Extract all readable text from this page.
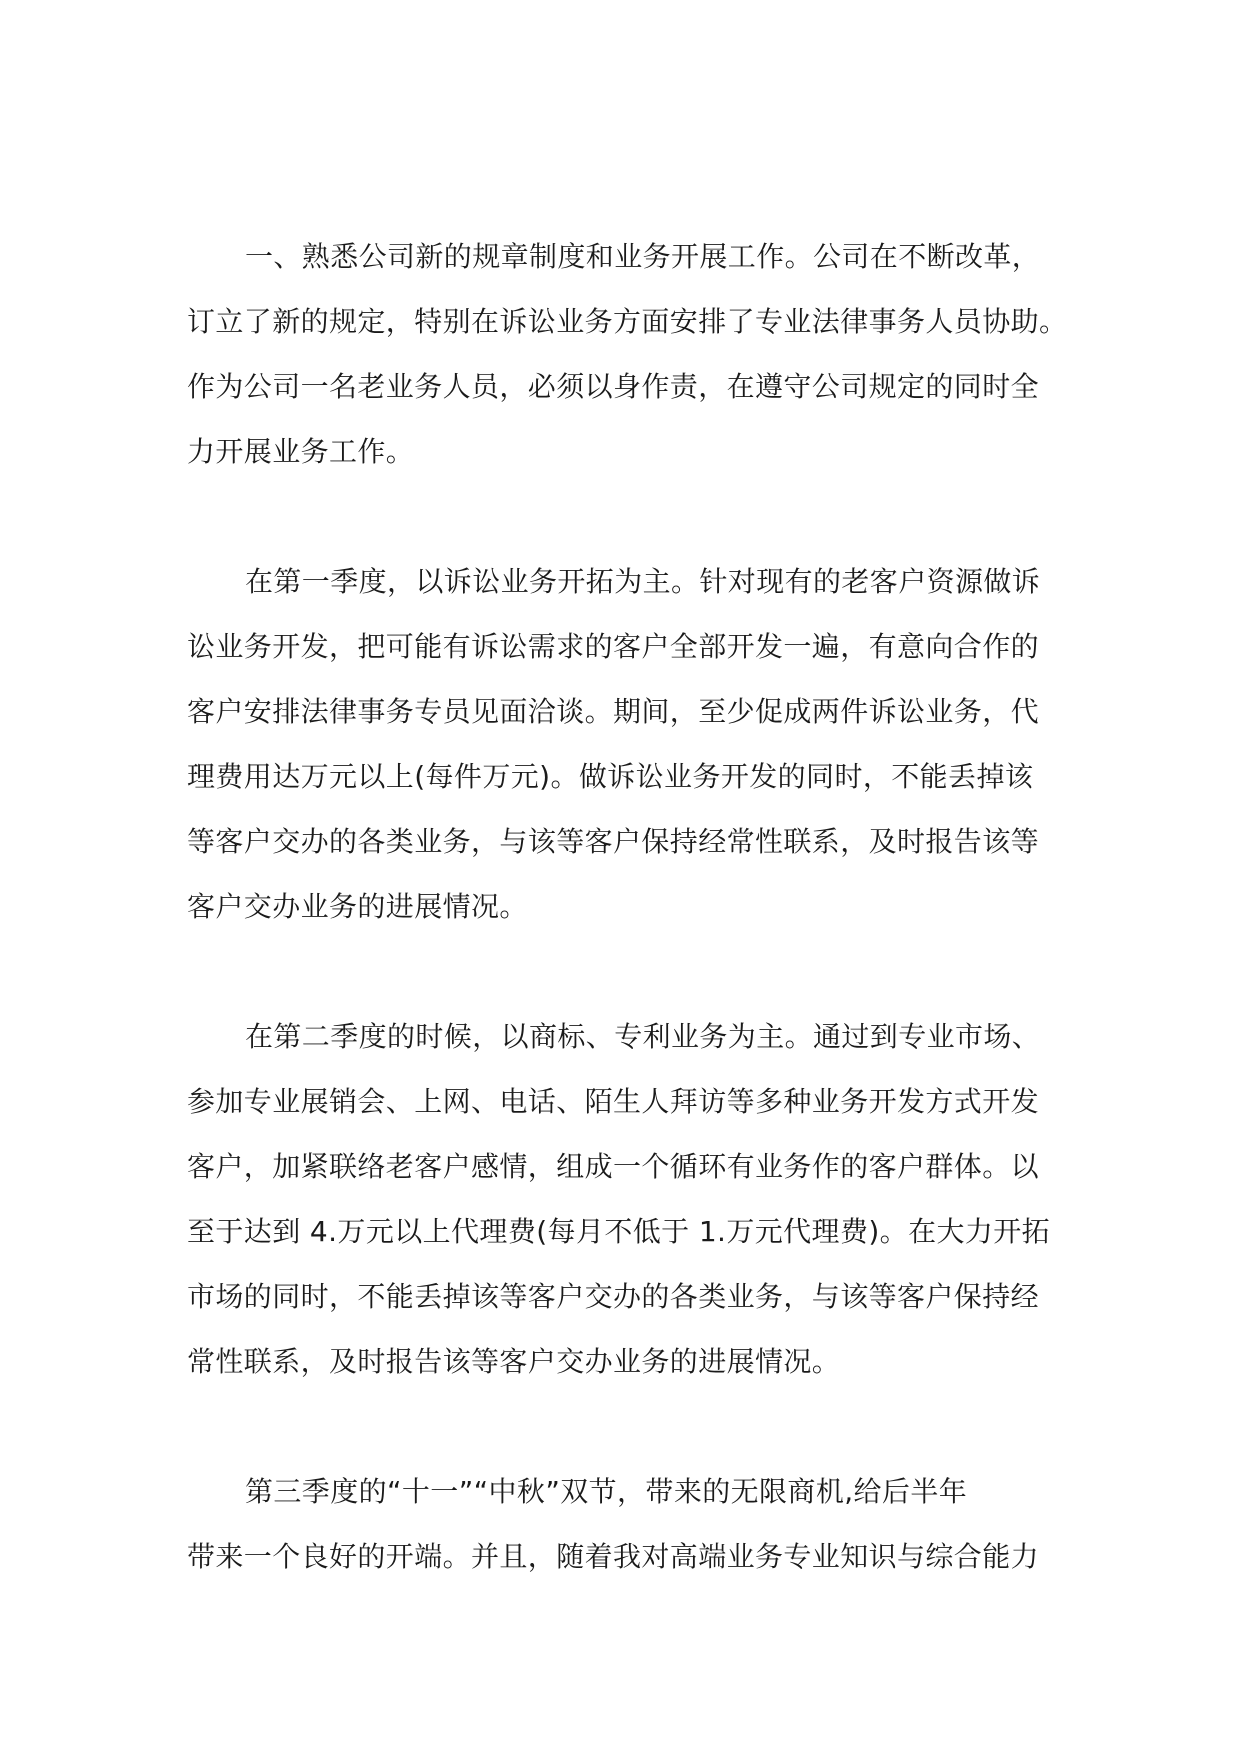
一、熟悉公司新的规章制度和业务开展工作。公司在不断改革，
订立了新的规定，特别在诉讼业务方面安排了专业法律事务人员协助。
作为公司一名老业务人员，必须以身作责，在遵守公司规定的同时全
力开展业务工作。

在第一季度，以诉讼业务开拓为主。针对现有的老客户资源做诉
讼业务开发，把可能有诉讼需求的客户全部开发一遍，有意向合作的
客户安排法律事务专员见面洽谈。期间，至少促成两件诉讼业务，代
理费用达万元以上(每件万元)。做诉讼业务开发的同时，不能丢掉该
等客户交办的各类业务，与该等客户保持经常性联系，及时报告该等
客户交办业务的进展情况。

在第二季度的时候，以商标、专利业务为主。通过到专业市场、
参加专业展销会、上网、电话、陌生人拜访等多种业务开发方式开发
客户，加紧联络老客户感情，组成一个循环有业务作的客户群体。以
至于达到 4.万元以上代理费(每月不低于 1.万元代理费)。在大力开拓
市场的同时，不能丢掉该等客户交办的各类业务，与该等客户保持经
常性联系，及时报告该等客户交办业务的进展情况。

第三季度的“十一”“中秋”双节，带来的无限商机,给后半年
带来一个良好的开端。并且，随着我对高端业务专业知识与综合能力
